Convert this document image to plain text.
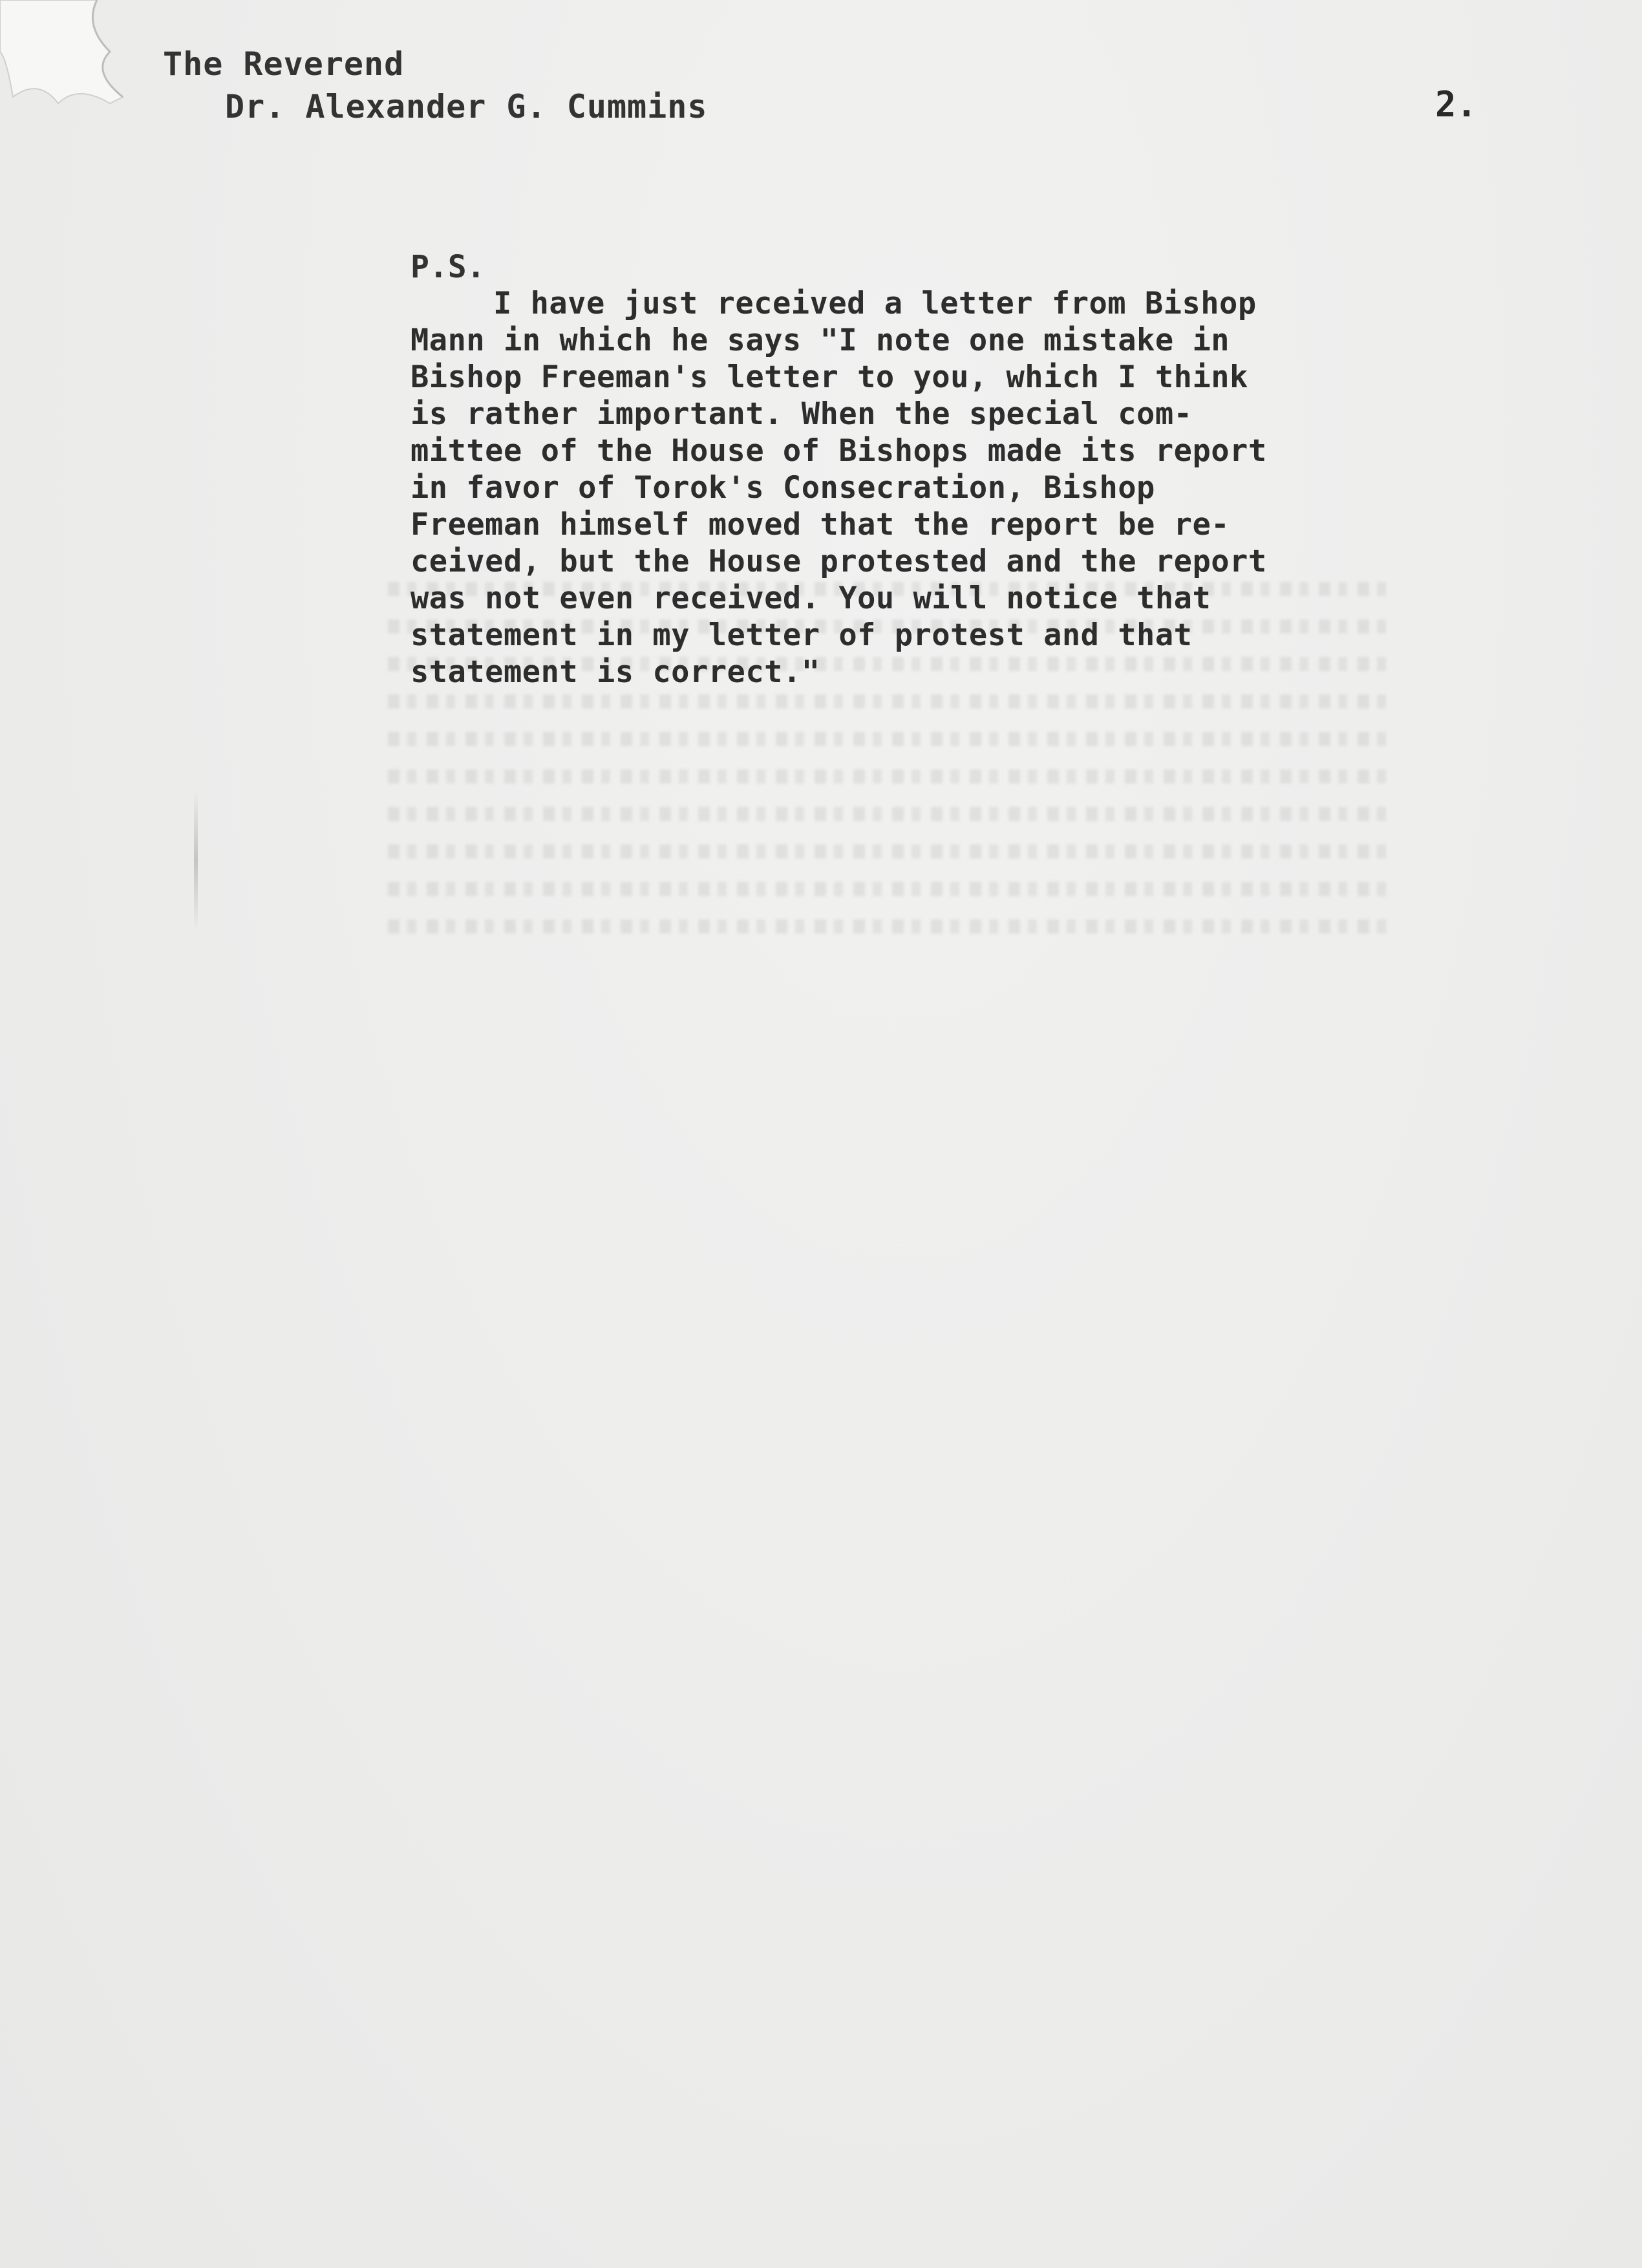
The Reverend
Dr. Alexander G. Cummins	2.
P.S.
I have just received a letter from Bishop
Mann in which he says "I note one mistake in
Bishop Freeman's letter to you, which I think
is rather important. When the special com-
mittee of the House of Bishops made its report
in favor of Torok's Consecration, Bishop
Freeman himself moved that the report be re-
ceived, but the House protested and the report
was not even received. You will notice that
statement in my letter of protest and that
statement is correct."
